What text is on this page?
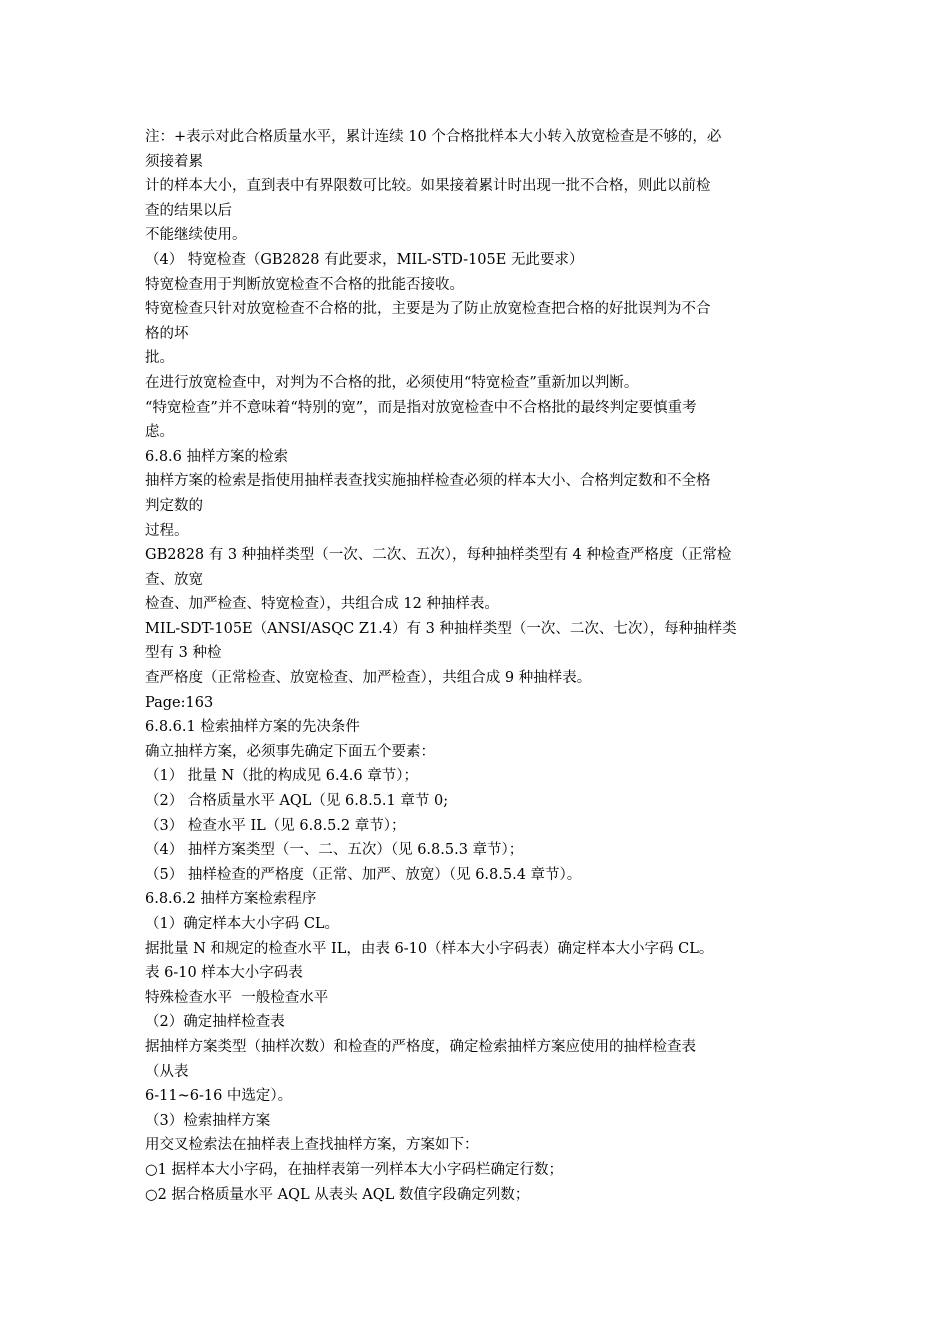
注：+表示对此合格质量水平，累计连续 10 个合格批样本大小转入放宽检查是不够的，必
须接着累
计的样本大小，直到表中有界限数可比较。如果接着累计时出现一批不合格，则此以前检
查的结果以后
不能继续使用。
（4） 特宽检查（GB2828 有此要求，MIL-STD-105E 无此要求）
特宽检查用于判断放宽检查不合格的批能否接收。
特宽检查只针对放宽检查不合格的批，主要是为了防止放宽检查把合格的好批误判为不合
格的坏
批。
在进行放宽检查中，对判为不合格的批，必须使用“特宽检查”重新加以判断。
“特宽检查”并不意味着“特别的宽”，而是指对放宽检查中不合格批的最终判定要慎重考
虑。
6.8.6 抽样方案的检索
抽样方案的检索是指使用抽样表查找实施抽样检查必须的样本大小、合格判定数和不全格
判定数的
过程。
GB2828 有 3 种抽样类型（一次、二次、五次），每种抽样类型有 4 种检查严格度（正常检
查、放宽
检查、加严检查、特宽检查），共组合成 12 种抽样表。
MIL-SDT-105E（ANSI/ASQC Z1.4）有 3 种抽样类型（一次、二次、七次），每种抽样类
型有 3 种检
查严格度（正常检查、放宽检查、加严检查），共组合成 9 种抽样表。
Page:163
6.8.6.1 检索抽样方案的先决条件
确立抽样方案，必须事先确定下面五个要素：
（1） 批量 N（批的构成见 6.4.6 章节）；
（2） 合格质量水平 AQL（见 6.8.5.1 章节 0;
（3） 检查水平 IL（见 6.8.5.2 章节）；
（4） 抽样方案类型（一、二、五次）（见 6.8.5.3 章节）；
（5） 抽样检查的严格度（正常、加严、放宽）（见 6.8.5.4 章节）。
6.8.6.2 抽样方案检索程序
（1）确定样本大小字码 CL。
据批量 N 和规定的检查水平 IL，由表 6-10（样本大小字码表）确定样本大小字码 CL。
表 6-10 样本大小字码表
特殊检查水平  一般检查水平
（2）确定抽样检查表
据抽样方案类型（抽样次数）和检查的严格度，确定检索抽样方案应使用的抽样检查表
（从表
6-11~6-16 中选定）。
（3）检索抽样方案
用交叉检索法在抽样表上查找抽样方案，方案如下：
○1 据样本大小字码，在抽样表第一列样本大小字码栏确定行数；
○2 据合格质量水平 AQL 从表头 AQL 数值字段确定列数；
